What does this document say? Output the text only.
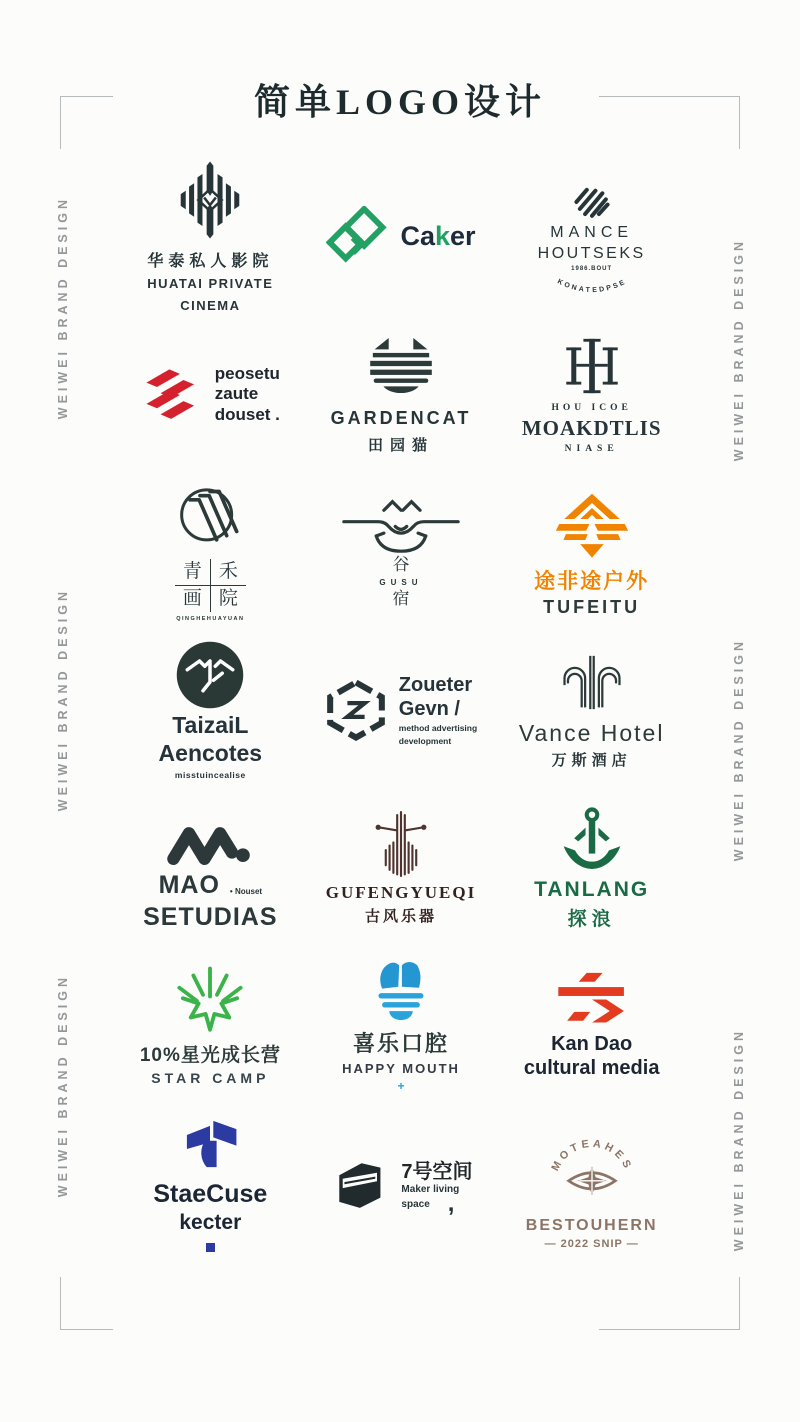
简单LOGO设计
WEIWEI BRAND DESIGN
WEIWEI BRAND DESIGN
WEIWEI BRAND DESIGN
WEIWEI BRAND DESIGN
WEIWEI BRAND DESIGN
WEIWEI BRAND DESIGN
华泰私人影院
HUATAI PRIVATE
CINEMA
Caker	MANCE
HOUTSEKS
1986.BOUT
KONATEDPSE
peosetu
zaute
douset .	GARDENCAT
田园猫
HOU ICOE
MOAKDTLIS
NIASE
青 禾
画 院
QINGHEHUAYUAN
谷
GUSU
宿
途非途户外
TUFEITU
TaizaiL
Aencotes
misstuincealise
Zoueter
Gevn /
method advertising
development	Vance Hotel
万斯酒店
MAO • Nouset
SETUDIAS
GUFENGYUEQI
古风乐器
TANLANG
探浪
10%星光成长营
STAR CAMP
喜乐口腔
HAPPY MOUTH
+
Kan Dao
cultural media
StaeCuse
kecter
7号空间
Maker living
space ,
MOTEAHES
BESTOUHERN
— 2022 SNIP —
